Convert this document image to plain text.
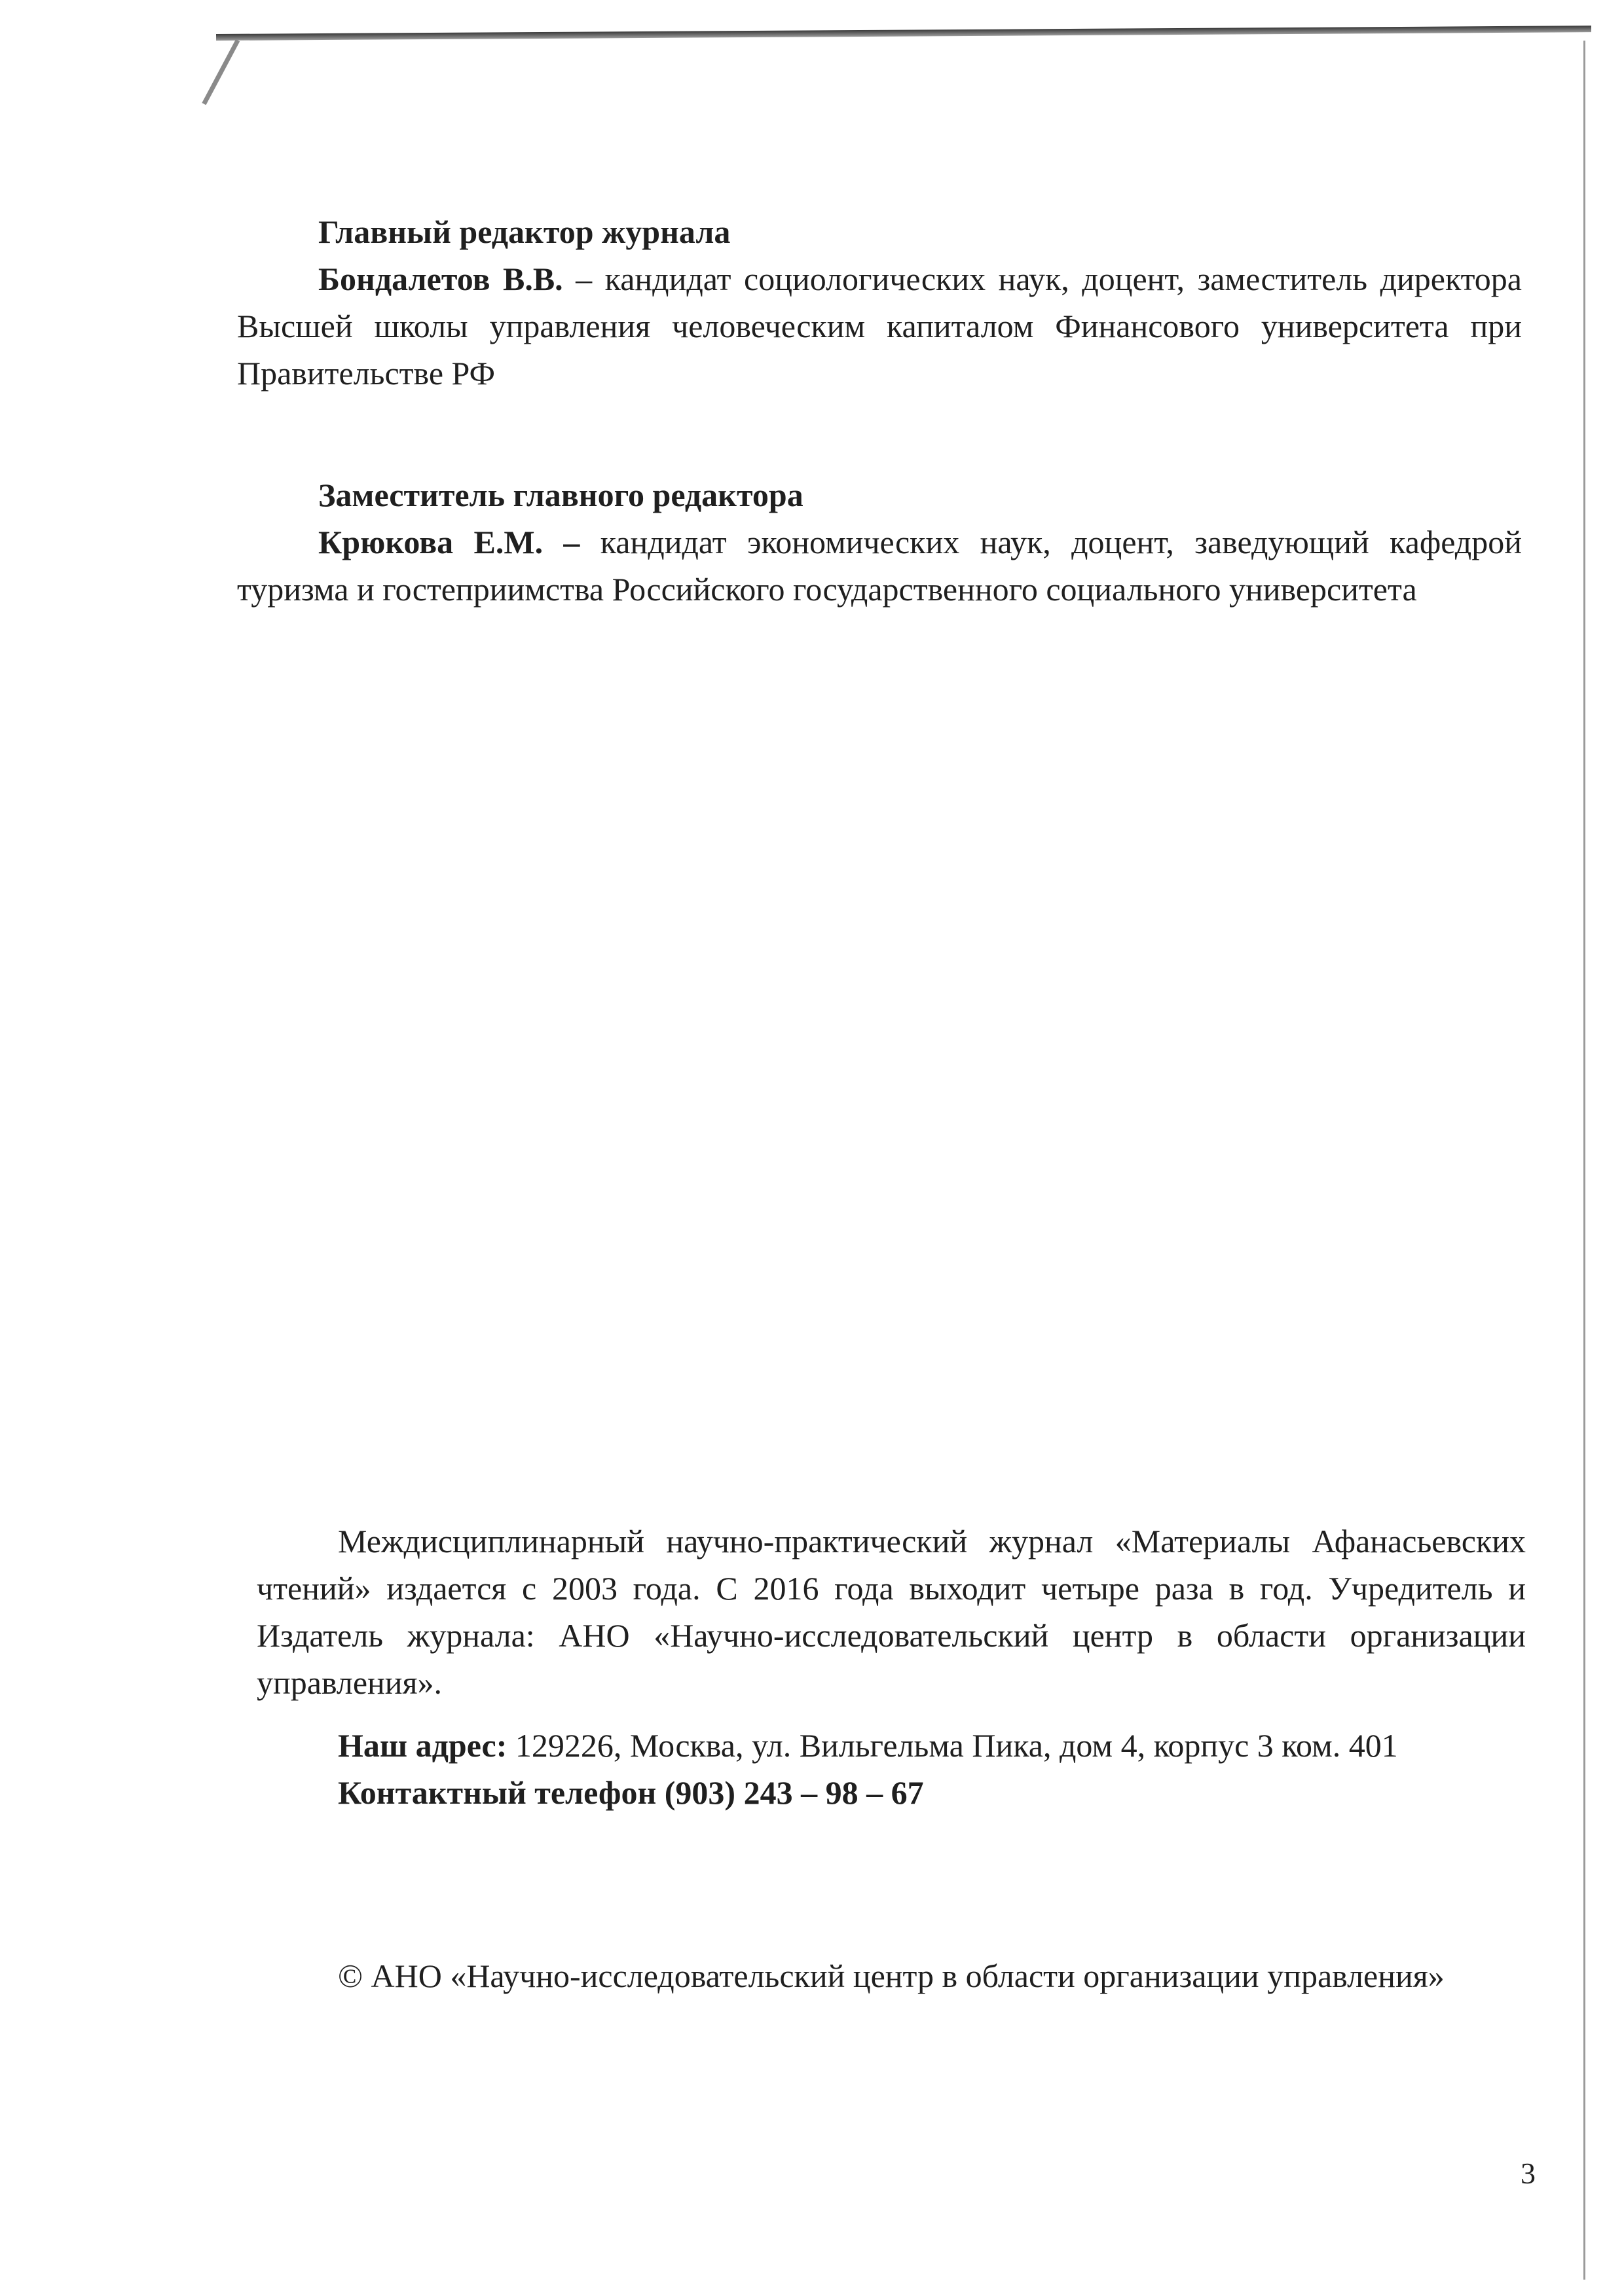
Главный редактор журнала

Бондалетов В.В. – кандидат социологических наук, доцент, заместитель директора Высшей школы управления человеческим капиталом Финансового университета при Правительстве РФ

Заместитель главного редактора

Крюкова Е.М. – кандидат экономических наук, доцент, заведующий кафедрой туризма и гостеприимства Российского государственного социального университета

Междисциплинарный научно-практический журнал «Материалы Афанасьевских чтений» издается с 2003 года. С 2016 года выходит четыре раза в год. Учредитель и Издатель журнала: АНО «Научно-исследовательский центр в области организации управления».

Наш адрес: 129226, Москва, ул. Вильгельма Пика, дом 4, корпус 3 ком. 401

Контактный телефон (903) 243 – 98 – 67

© АНО «Научно-исследовательский центр в области организации управления»

3
